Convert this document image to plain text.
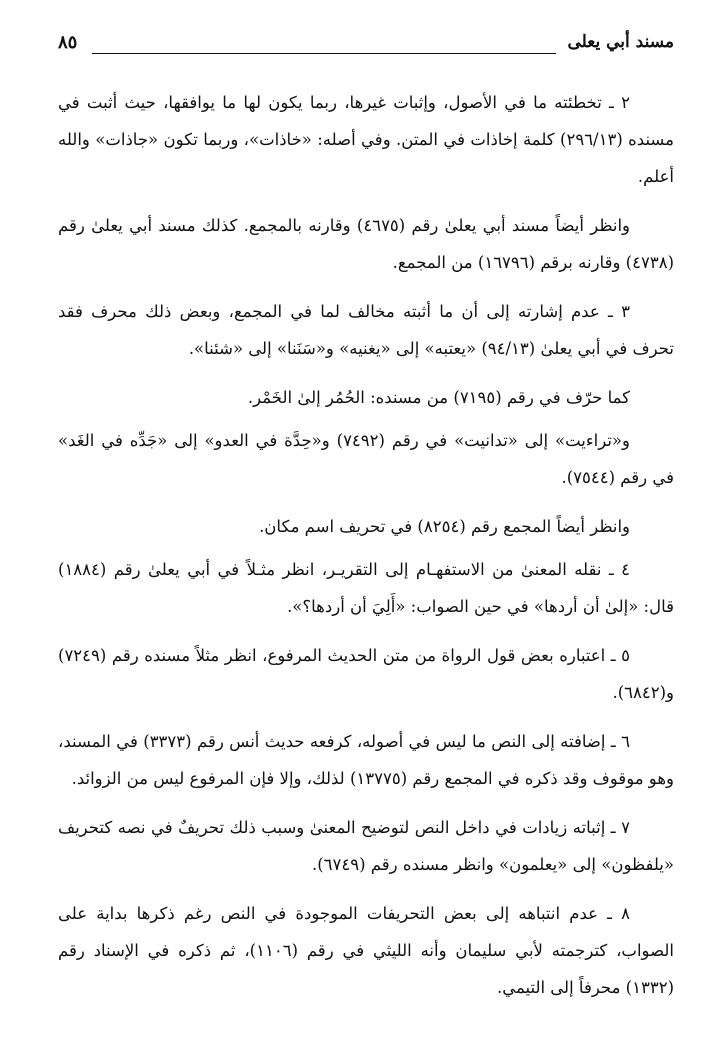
مسند أبي يعلى
٨٥

٢ ـ تخطئته ما في الأصول، وإثبات غيرها، ربما يكون لها ما يوافقها، حيث أثبت في مسنده (٢٩٦/١٣) كلمة إخاذات في المتن. وفي أصله: «خاذات»، وربما تكون «جاذات» والله أعلم.

وانظر أيضاً مسند أبي يعلىٰ رقم (٤٦٧٥) وقارنه بالمجمع. كذلك مسند أبي يعلىٰ رقم (٤٧٣٨) وقارنه برقم (١٦٧٩٦) من المجمع.

٣ ـ عدم إشارته إلى أن ما أثبته مخالف لما في المجمع، وبعض ذلك محرف فقد تحرف في أبي يعلىٰ (٩٤/١٣) «يعتبه» إلى «يغنيه» و«سَنَنا» إلى «شئنا».

كما حرّف في رقم (٧١٩٥) من مسنده: الحُمُر إلىٰ الخَمْر.

و«تراءيت» إلى «تدانيت» في رقم (٧٤٩٢) و«حِدَّة في العدو» إلى «جَدِّه في الغَد» في رقم (٧٥٤٤).

وانظر أيضاً المجمع رقم (٨٢٥٤) في تحريف اسم مكان.

٤ ـ نقله المعنىٰ من الاستفهـام إلى التقريـر، انظر مثـلاً في أبي يعلىٰ رقم (١٨٨٤) قال: «إلىٰ أن أردها» في حين الصواب: «أَلِيَ أن أردها؟».

٥ ـ اعتباره بعض قول الرواة من متن الحديث المرفوع، انظر مثلاً مسنده رقم (٧٢٤٩) و(٦٨٤٢).

٦ ـ إضافته إلى النص ما ليس في أصوله، كرفعه حديث أنس رقم (٣٣٧٣) في المسند، وهو موقوف وقد ذكره في المجمع رقم (١٣٧٧٥) لذلك، وإلا فإن المرفوع ليس من الزوائد.

٧ ـ إثباته زيادات في داخل النص لتوضيح المعنىٰ وسبب ذلك تحريفٌ في نصه كتحريف «يلفظون» إلى «يعلمون» وانظر مسنده رقم (٦٧٤٩).

٨ ـ عدم انتباهه إلى بعض التحريفات الموجودة في النص رغم ذكرها بداية على الصواب، كترجمته لأبي سليمان وأنه الليثي في رقم (١١٠٦)، ثم ذكره في الإسناد رقم (١٣٣٢) محرفاً إلى التيمي.
